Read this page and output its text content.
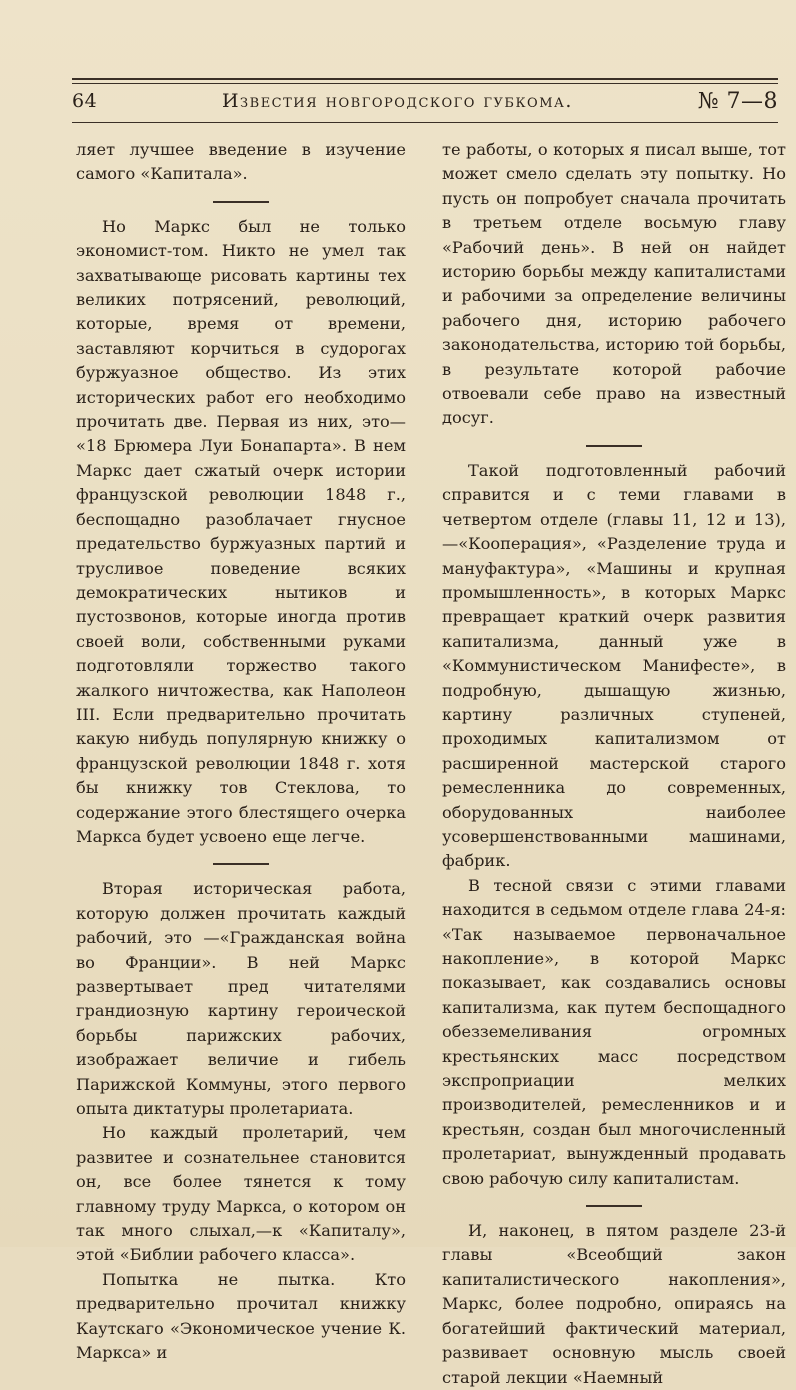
64	Известия новгородского губкома.	№ 7—8

ляет лучшее введение в изучение самого «Капитала».

Но Маркс был не только экономист-том. Никто не умел так захватывающе рисовать картины тех великих потрясений, революций, которые, время от времени, заставляют корчиться в судорогах буржуазное общество. Из этих исторических работ его необходимо прочитать две. Первая из них, это— «18 Брюмера Луи Бонапарта». В нем Маркс дает сжатый очерк истории французской революции 1848 г., беспощадно разоблачает гнусное предательство буржуазных партий и трусливое поведение всяких демократических нытиков и пустозвонов, которые иногда против своей воли, собственными руками подготовляли торжество такого жалкого ничтожества, как Наполеон III. Если предварительно прочитать какую нибудь популярную книжку о французской революции 1848 г. хотя бы книжку тов Стеклова, то содержание этого блестящего очерка Маркса будет усвоено еще легче.

Вторая историческая работа, которую должен прочитать каждый рабочий, это —«Гражданская война во Франции». В ней Маркс развертывает пред читателями грандиозную картину героической борьбы парижских рабочих, изображает величие и гибель Парижской Коммуны, этого первого опыта диктатуры пролетариата.

Но каждый пролетарий, чем развитее и сознательнее становится он, все более тянется к тому главному труду Маркса, о котором он так много слыхал,—к «Капиталу», этой «Библии рабочего класса».

Попытка не пытка. Кто предварительно прочитал книжку Каутскаго «Экономическое учение К. Маркса» и

те работы, о которых я писал выше, тот может смело сделать эту попытку. Но пусть он попробует сначала прочитать в третьем отделе восьмую главу «Рабочий день». В ней он найдет историю борьбы между капиталистами и рабочими за определение величины рабочего дня, историю рабочего законодательства, историю той борьбы, в результате которой рабочие отвоевали себе право на известный досуг.

Такой подготовленный рабочий справится и с теми главами в четвертом отделе (главы 11, 12 и 13),—«Кооперация», «Разделение труда и мануфактура», «Машины и крупная промышленность», в которых Маркс превращает краткий очерк развития капитализма, данный уже в «Коммунистическом Манифесте», в подробную, дышащую жизнью, картину различных ступеней, проходимых капитализмом от расширенной мастерской старого ремесленника до современных, оборудованных наиболее усовершенствованными машинами, фабрик.

В тесной связи с этими главами находится в седьмом отделе глава 24-я: «Так называемое первоначальное накопление», в которой Маркс показывает, как создавались основы капитализма, как путем беспощадного обезземеливания огромных крестьянских масс посредством экспроприации мелких производителей, ремесленников и и крестьян, создан был многочисленный пролетариат, вынужденный продавать свою рабочую силу капиталистам.

И, наконец, в пятом разделе 23-й главы «Всеобщий закон капиталистического накопления», Маркс, более подробно, опираясь на богатейший фактический материал, развивает основную мысль своей старой лекции «Наемный
